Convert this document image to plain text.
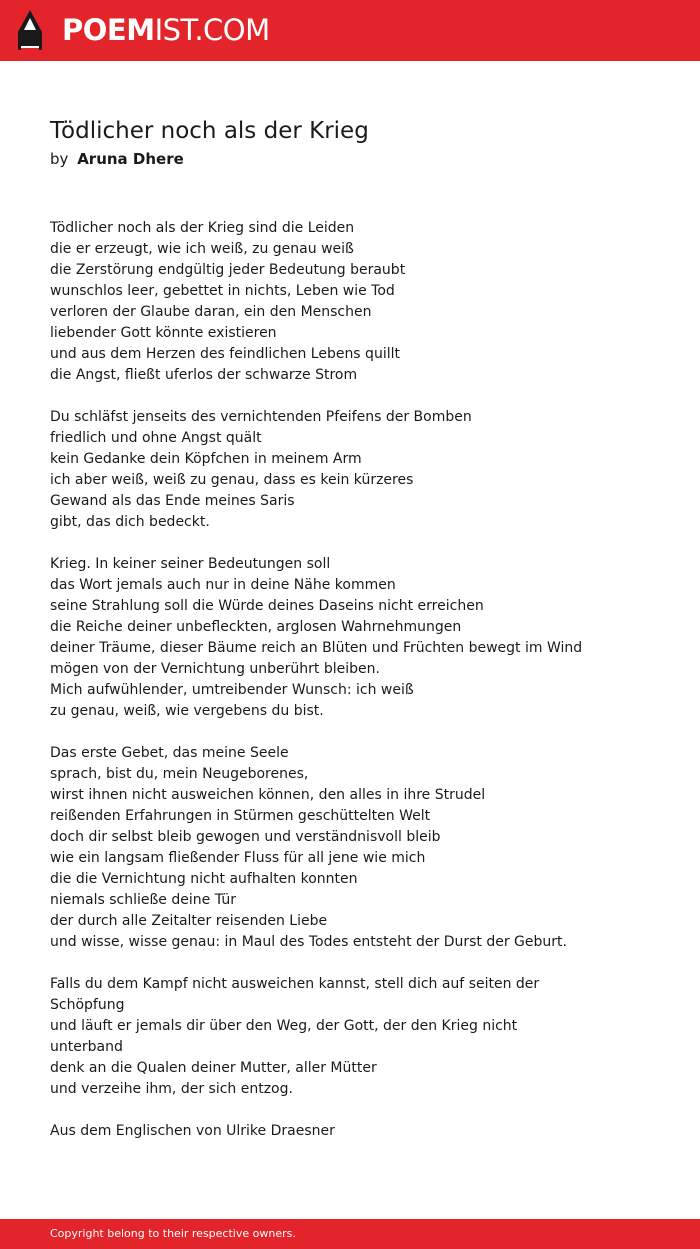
POEMIST.COM
Tödlicher noch als der Krieg
by Aruna Dhere
Tödlicher noch als der Krieg sind die Leiden
die er erzeugt, wie ich weiß, zu genau weiß
die Zerstörung endgültig jeder Bedeutung beraubt
wunschlos leer, gebettet in nichts, Leben wie Tod
verloren der Glaube daran, ein den Menschen
liebender Gott könnte existieren
und aus dem Herzen des feindlichen Lebens quillt
die Angst, fließt uferlos der schwarze Strom
Du schläfst jenseits des vernichtenden Pfeifens der Bomben
friedlich und ohne Angst quält
kein Gedanke dein Köpfchen in meinem Arm
ich aber weiß, weiß zu genau, dass es kein kürzeres
Gewand als das Ende meines Saris
gibt, das dich bedeckt.
Krieg. In keiner seiner Bedeutungen soll
das Wort jemals auch nur in deine Nähe kommen
seine Strahlung soll die Würde deines Daseins nicht erreichen
die Reiche deiner unbefleckten, arglosen Wahrnehmungen
deiner Träume, dieser Bäume reich an Blüten und Früchten bewegt im Wind
mögen von der Vernichtung unberührt bleiben.
Mich aufwühlender, umtreibender Wunsch: ich weiß
zu genau, weiß, wie vergebens du bist.
Das erste Gebet, das meine Seele
sprach, bist du, mein Neugeborenes,
wirst ihnen nicht ausweichen können, den alles in ihre Strudel
reißenden Erfahrungen in Stürmen geschüttelten Welt
doch dir selbst bleib gewogen und verständnisvoll bleib
wie ein langsam fließender Fluss für all jene wie mich
die die Vernichtung nicht aufhalten konnten
niemals schließe deine Tür
der durch alle Zeitalter reisenden Liebe
und wisse, wisse genau: in Maul des Todes entsteht der Durst der Geburt.
Falls du dem Kampf nicht ausweichen kannst, stell dich auf seiten der
Schöpfung
und läuft er jemals dir über den Weg, der Gott, der den Krieg nicht
unterband
denk an die Qualen deiner Mutter, aller Mütter
und verzeihe ihm, der sich entzog.
Aus dem Englischen von Ulrike Draesner
Copyright belong to their respective owners.
